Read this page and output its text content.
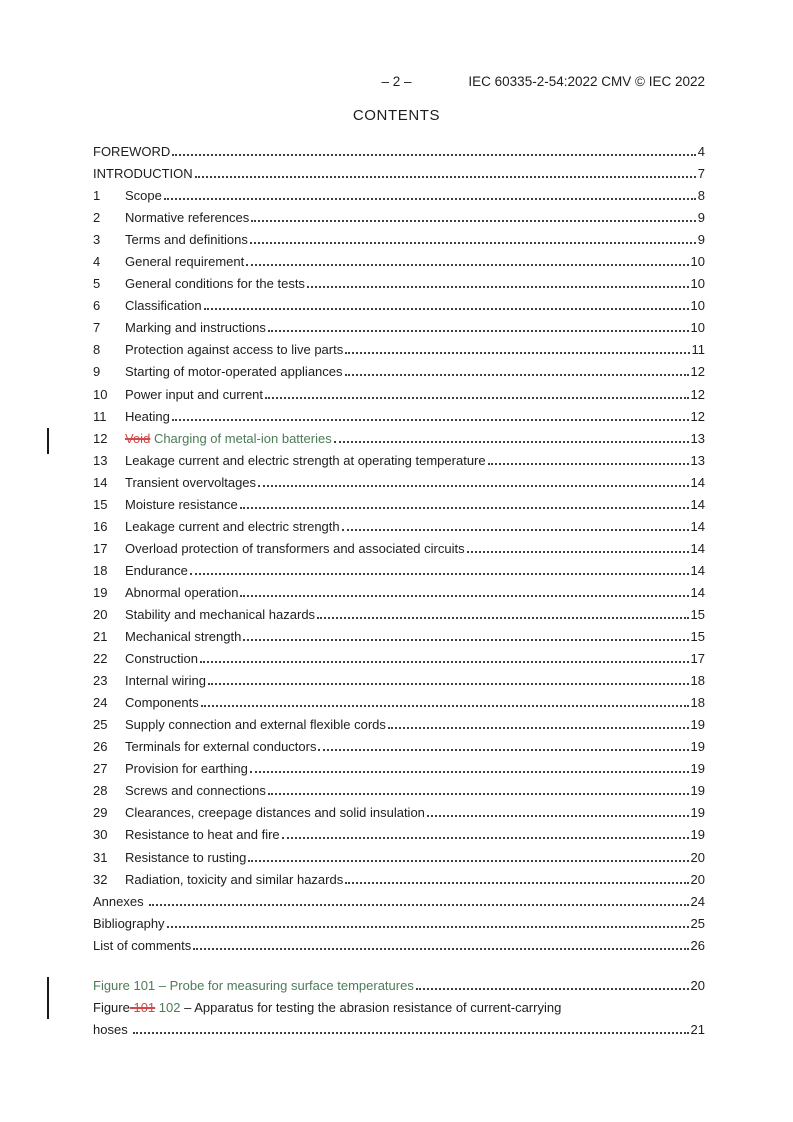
– 2 –	IEC 60335-2-54:2022 CMV © IEC 2022
CONTENTS
FOREWORD	4
INTRODUCTION	7
1	Scope	8
2	Normative references	9
3	Terms and definitions	9
4	General requirement	10
5	General conditions for the tests	10
6	Classification	10
7	Marking and instructions	10
8	Protection against access to live parts	11
9	Starting of motor-operated appliances	12
10	Power input and current	12
11	Heating	12
12	Void Charging of metal-ion batteries	13
13	Leakage current and electric strength at operating temperature	13
14	Transient overvoltages	14
15	Moisture resistance	14
16	Leakage current and electric strength	14
17	Overload protection of transformers and associated circuits	14
18	Endurance	14
19	Abnormal operation	14
20	Stability and mechanical hazards	15
21	Mechanical strength	15
22	Construction	17
23	Internal wiring	18
24	Components	18
25	Supply connection and external flexible cords	19
26	Terminals for external conductors	19
27	Provision for earthing	19
28	Screws and connections	19
29	Clearances, creepage distances and solid insulation	19
30	Resistance to heat and fire	19
31	Resistance to rusting	20
32	Radiation, toxicity and similar hazards	20
Annexes	24
Bibliography	25
List of comments	26
Figure 101 – Probe for measuring surface temperatures	20
Figure 101 102 – Apparatus for testing the abrasion resistance of current-carrying
hoses	21
